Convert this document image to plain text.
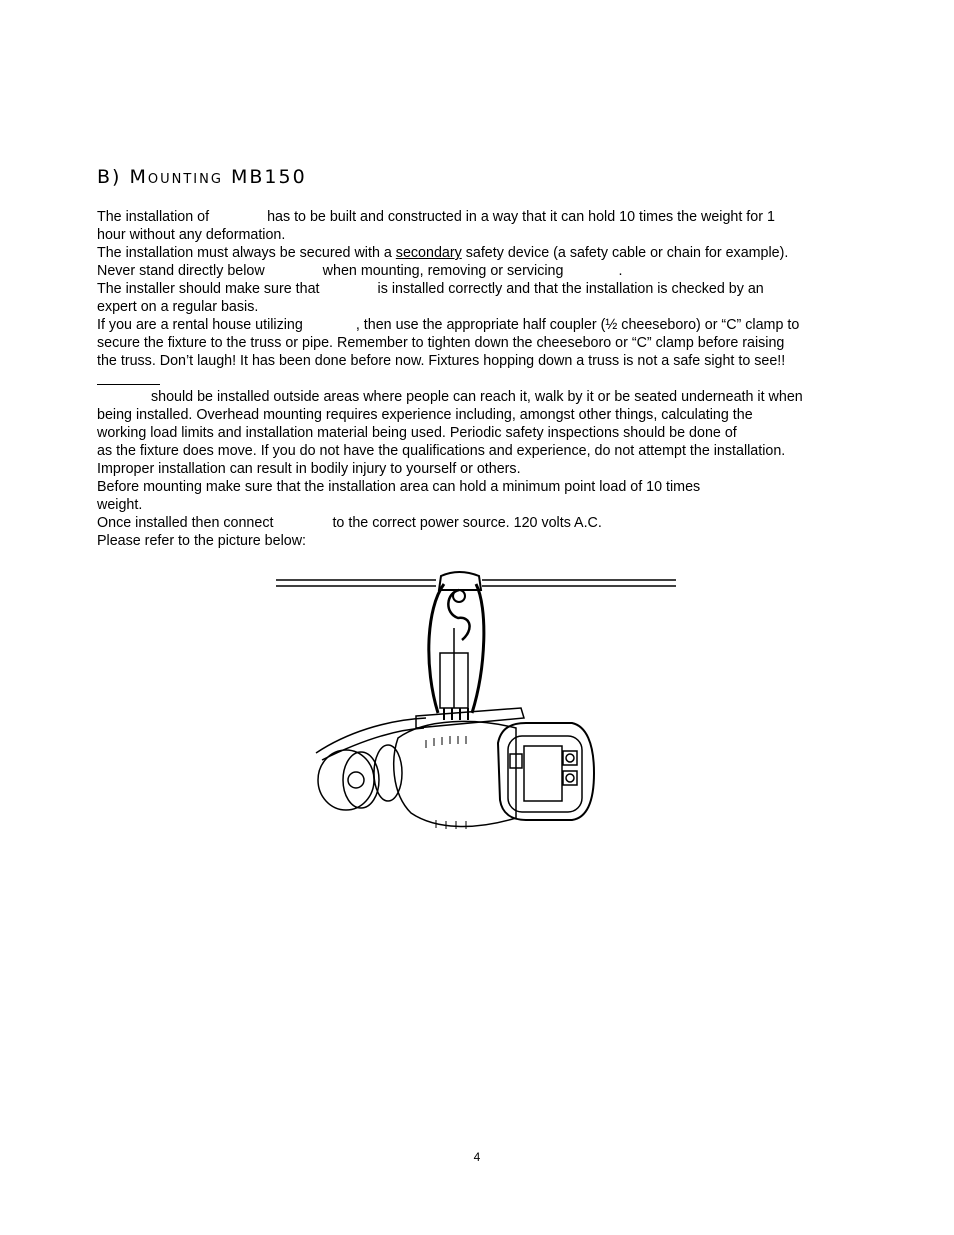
B) Mounting MB150
The installation of	has to be built and constructed in a way that it can hold 10 times the weight for 1
hour without any deformation.
The installation must always be secured with a secondary safety device (a safety cable or chain for example).
Never stand directly below	when mounting, removing or servicing	.
The installer should make sure that	is installed correctly and that the installation is checked by an
expert on a regular basis.
If you are a rental house utilizing	, then use the appropriate half coupler (½ cheeseboro) or “C” clamp to
secure the fixture to the truss or pipe. Remember to tighten down the cheeseboro or “C” clamp before raising
the truss. Don’t laugh! It has been done before now. Fixtures hopping down a truss is not a safe sight to see!!
should be installed outside areas where people can reach it, walk by it or be seated underneath it when
being installed. Overhead mounting requires experience including, amongst other things, calculating the
working load limits and installation material being used. Periodic safety inspections should be done of
as the fixture does move. If you do not have the qualifications and experience, do not attempt the installation.
Improper installation can result in bodily injury to yourself or others.
Before mounting make sure that the installation area can hold a minimum point load of 10 times
weight.
Once installed then connect	to the correct power source. 120 volts A.C.
Please refer to the picture below:
4
